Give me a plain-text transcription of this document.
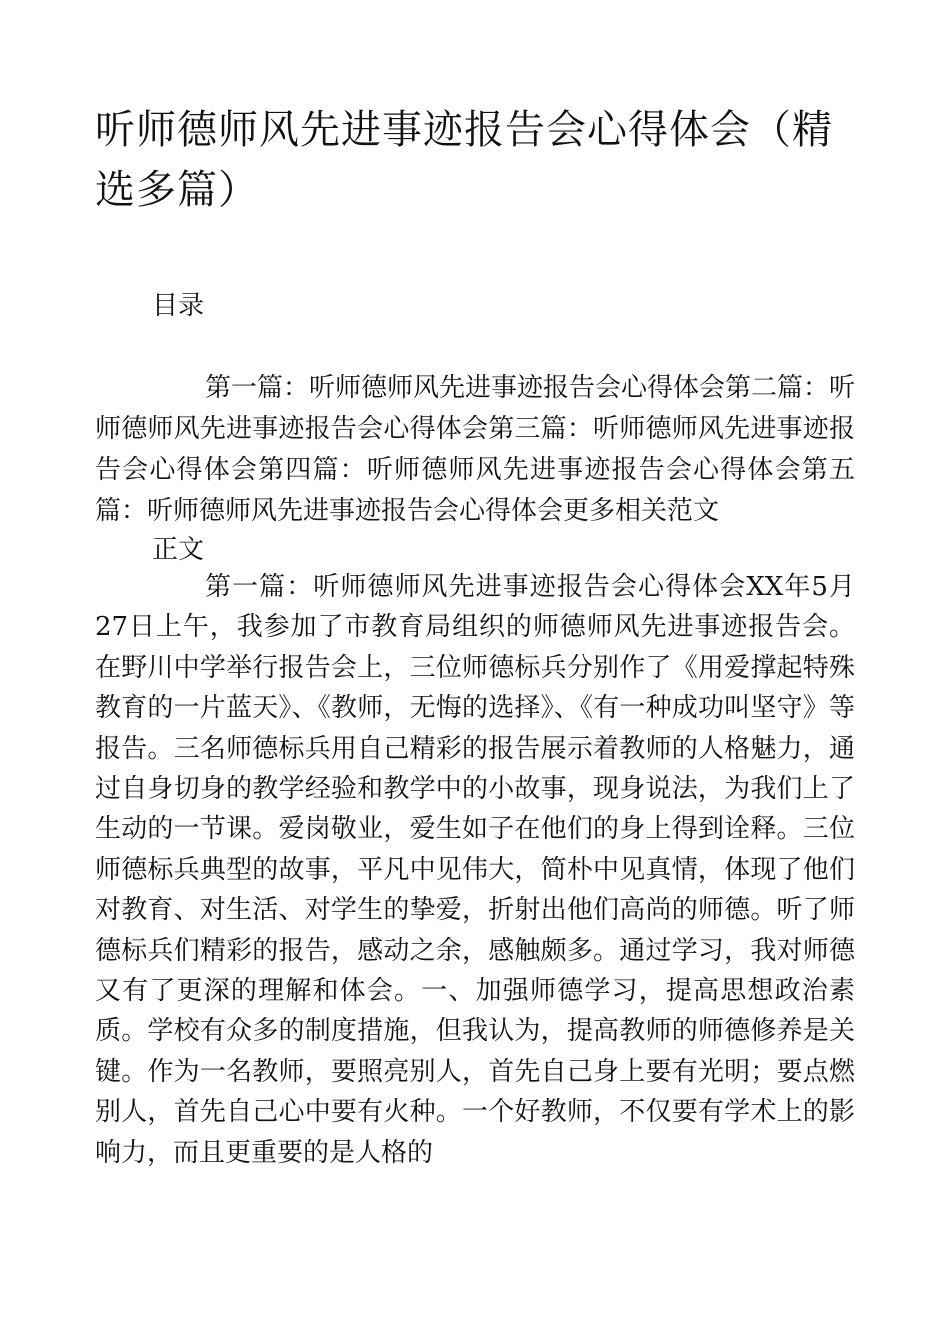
听师德师风先进事迹报告会心得体会（精选多篇）

目录

第一篇：听师德师风先进事迹报告会心得体会第二篇：听师德师风先进事迹报告会心得体会第三篇：听师德师风先进事迹报告会心得体会第四篇：听师德师风先进事迹报告会心得体会第五篇：听师德师风先进事迹报告会心得体会更多相关范文

正文

第一篇：听师德师风先进事迹报告会心得体会XX年5月27日上午，我参加了市教育局组织的师德师风先进事迹报告会。在野川中学举行报告会上，三位师德标兵分别作了《用爱撑起特殊教育的一片蓝天》、《教师，无悔的选择》、《有一种成功叫坚守》等报告。三名师德标兵用自己精彩的报告展示着教师的人格魅力，通过自身切身的教学经验和教学中的小故事，现身说法，为我们上了生动的一节课。爱岗敬业，爱生如子在他们的身上得到诠释。三位师德标兵典型的故事，平凡中见伟大，简朴中见真情，体现了他们对教育、对生活、对学生的挚爱，折射出他们高尚的师德。听了师德标兵们精彩的报告，感动之余，感触颇多。通过学习，我对师德又有了更深的理解和体会。一、加强师德学习，提高思想政治素质。学校有众多的制度措施，但我认为，提高教师的师德修养是关键。作为一名教师，要照亮别人，首先自己身上要有光明；要点燃别人，首先自己心中要有火种。一个好教师，不仅要有学术上的影响力，而且更重要的是人格的
